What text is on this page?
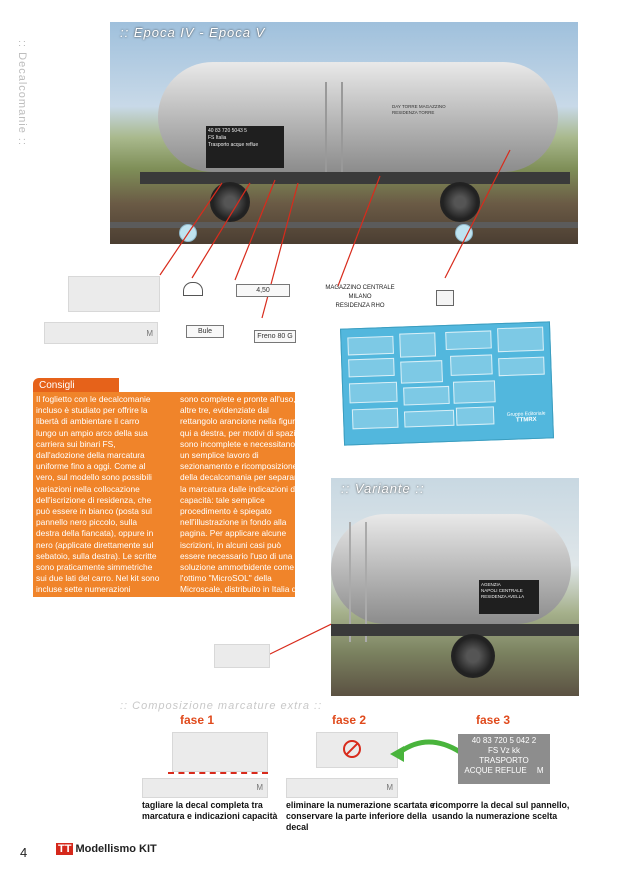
:: Decalcomanie ::
:: Epoca IV - Epoca V
40 83 720 5043 5
FS Italia
Trasporto acque reflue
DAY TORRE MAGAZZINO RESIDENZA TORRE
M
4,50
Bule
MAGAZZINO CENTRALE MILANO
RESIDENZA RHO
Freno 80 G
Gruppo Editoriale
TTMRX
Consigli

Il foglietto con le decalcomanie incluso è studiato per offrire la libertà di ambientare il carro lungo un ampio arco della sua carriera sui binari FS, dall'adozione della marcatura uniforme fino a oggi. Come al vero, sul modello sono possibili variazioni nella collocazione dell'iscrizione di residenza, che può essere in bianco (posta sul pannello nero piccolo, sulla destra della fiancata), oppure in nero (applicate direttamente sul sebatoio, sulla destra). Le scritte sono praticamente simmetriche sui due lati del carro. Nel kit sono incluse sette numerazioni differenti. Quattro di queste

sono complete e pronte all'uso, le altre tre, evidenziate dal rettangolo arancione nella figura qui a destra, per motivi di spazio sono incomplete e necessitano di un semplice lavoro di sezionamento e ricomposizione della decalcomania per separare la marcatura dalle indicazioni di capacità: tale semplice procedimento è spiegato nell'illustrazione in fondo alla pagina. Per applicare alcune iscrizioni, in alcuni casi può essere necessario l'uso di una soluzione ammorbidente come l'ottimo "MicroSOL" della Microscale, distribuito in Italia da Mantua Model.

:: Variante ::
AGENZIA
NAPOLI CENTRALE
RESIDENZA AVELLA
:: Composizione marcature extra ::
fase 1	fase 2	fase 3
M	M
40 83 720 5 042 2
FS Vz kk
TRASPORTO
ACQUE REFLUE M
tagliare la decal completa tra marcatura e indicazioni capacità
eliminare la numerazione scartata e conservare la parte inferiore della decal
ricomporre la decal sul pannello, usando la numerazione scelta
4	TT Modellismo KIT
